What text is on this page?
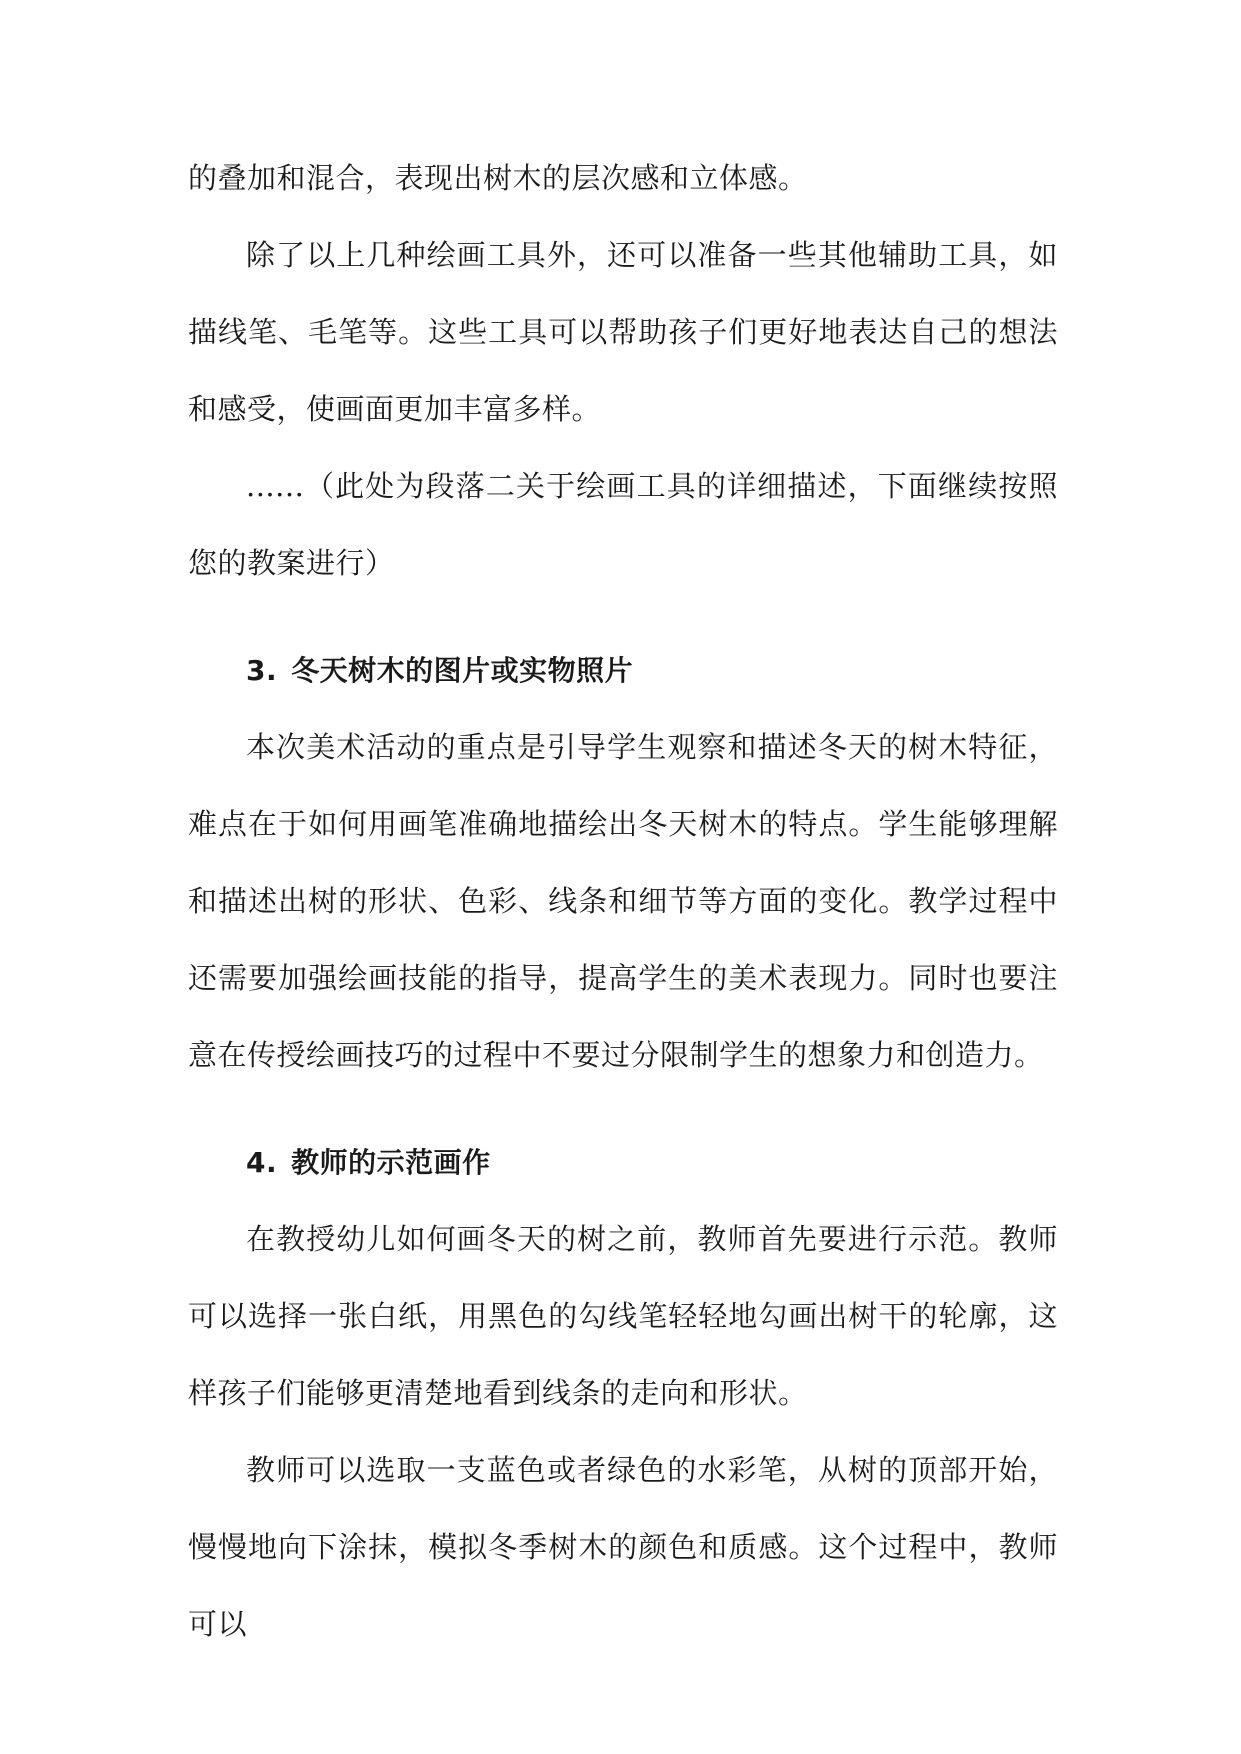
的叠加和混合，表现出树木的层次感和立体感。

除了以上几种绘画工具外，还可以准备一些其他辅助工具，如描线笔、毛笔等。这些工具可以帮助孩子们更好地表达自己的想法和感受，使画面更加丰富多样。

......（此处为段落二关于绘画工具的详细描述，下面继续按照您的教案进行）

3. 冬天树木的图片或实物照片

本次美术活动的重点是引导学生观察和描述冬天的树木特征，难点在于如何用画笔准确地描绘出冬天树木的特点。学生能够理解和描述出树的形状、色彩、线条和细节等方面的变化。教学过程中还需要加强绘画技能的指导，提高学生的美术表现力。同时也要注意在传授绘画技巧的过程中不要过分限制学生的想象力和创造力。

4. 教师的示范画作

在教授幼儿如何画冬天的树之前，教师首先要进行示范。教师可以选择一张白纸，用黑色的勾线笔轻轻地勾画出树干的轮廓，这样孩子们能够更清楚地看到线条的走向和形状。

教师可以选取一支蓝色或者绿色的水彩笔，从树的顶部开始，慢慢地向下涂抹，模拟冬季树木的颜色和质感。这个过程中，教师可以
